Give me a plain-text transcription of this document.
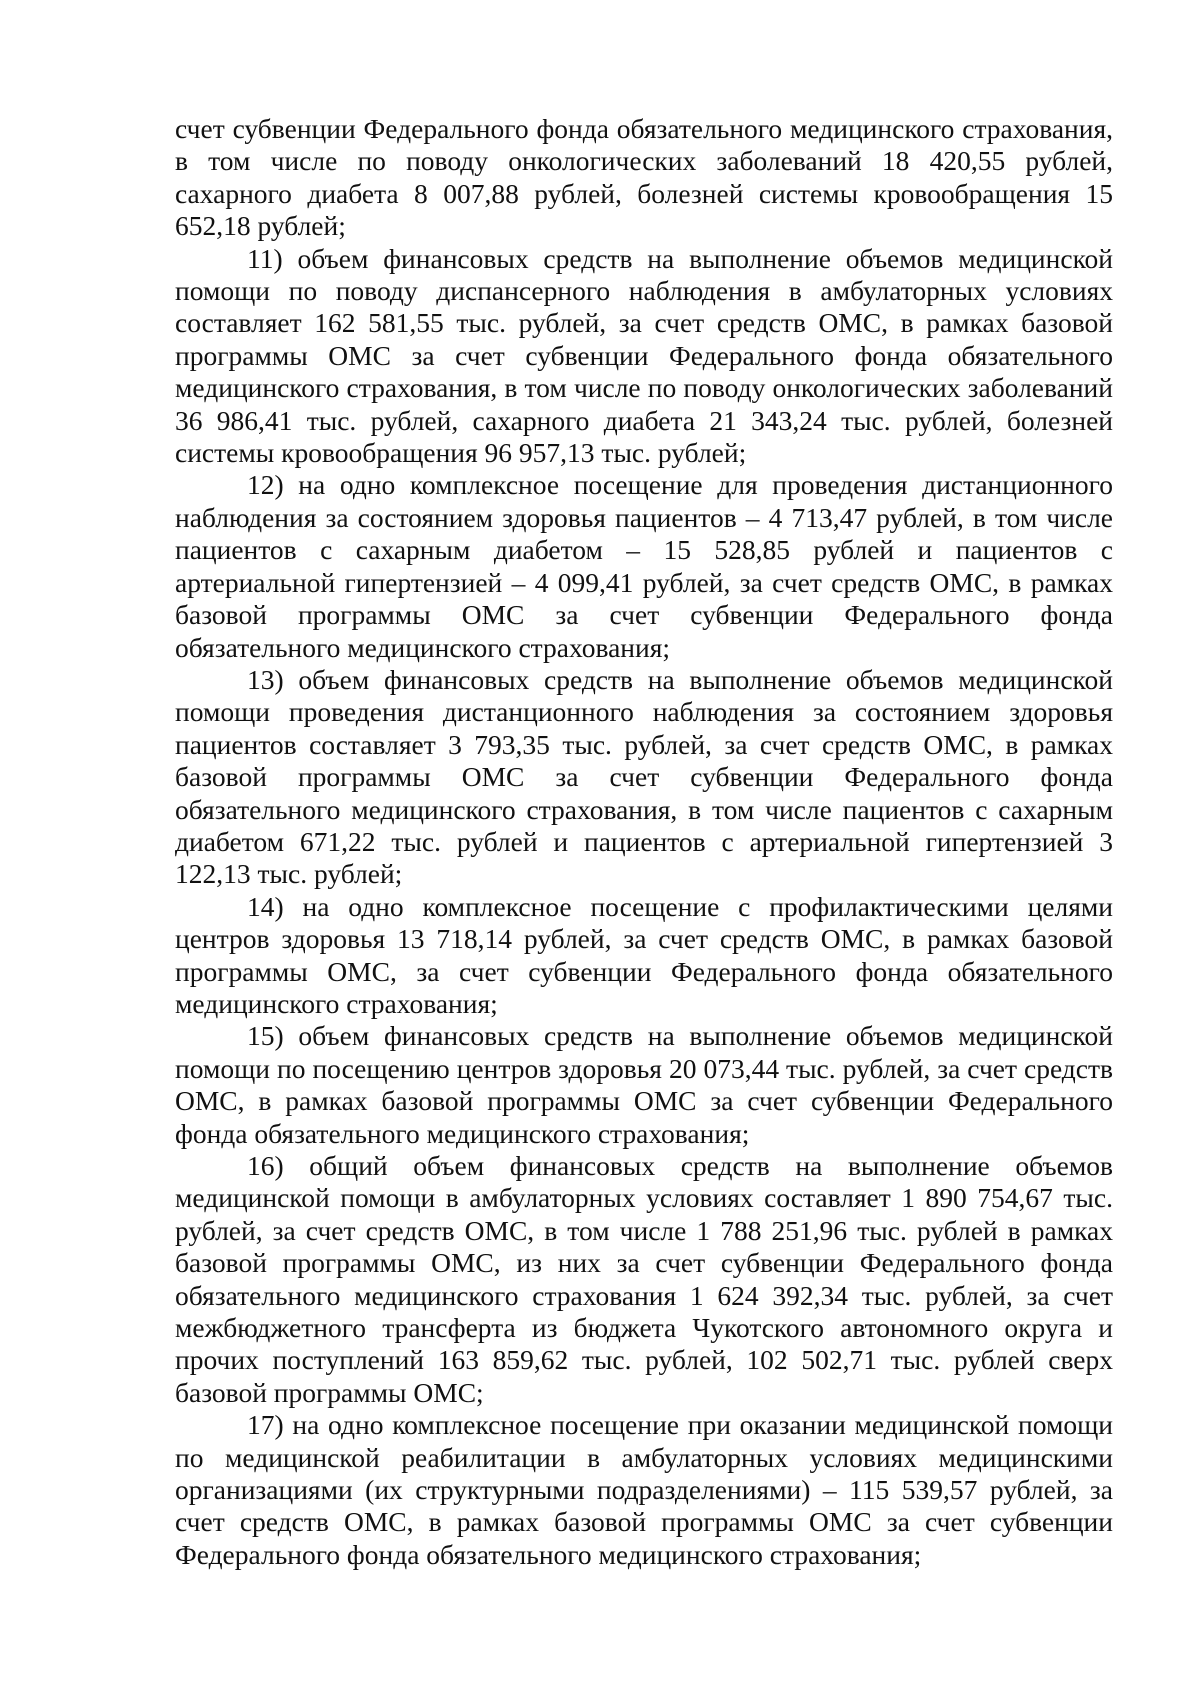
счет субвенции Федерального фонда обязательного медицинского страхования, в том числе по поводу онкологических заболеваний 18 420,55 рублей, сахарного диабета 8 007,88 рублей, болезней системы кровообращения 15 652,18 рублей;

11) объем финансовых средств на выполнение объемов медицинской помощи по поводу диспансерного наблюдения в амбулаторных условиях составляет 162 581,55 тыс. рублей, за счет средств ОМС, в рамках базовой программы ОМС за счет субвенции Федерального фонда обязательного медицинского страхования, в том числе по поводу онкологических заболеваний 36 986,41 тыс. рублей, сахарного диабета 21 343,24 тыс. рублей, болезней системы кровообращения 96 957,13 тыс. рублей;

12) на одно комплексное посещение для проведения дистанционного наблюдения за состоянием здоровья пациентов – 4 713,47 рублей, в том числе пациентов с сахарным диабетом – 15 528,85 рублей и пациентов с артериальной гипертензией – 4 099,41 рублей, за счет средств ОМС, в рамках базовой программы ОМС за счет субвенции Федерального фонда обязательного медицинского страхования;

13) объем финансовых средств на выполнение объемов медицинской помощи проведения дистанционного наблюдения за состоянием здоровья пациентов составляет 3 793,35 тыс. рублей, за счет средств ОМС, в рамках базовой программы ОМС за счет субвенции Федерального фонда обязательного медицинского страхования, в том числе пациентов с сахарным диабетом 671,22 тыс. рублей и пациентов с артериальной гипертензией 3 122,13 тыс. рублей;

14) на одно комплексное посещение с профилактическими целями центров здоровья 13 718,14 рублей, за счет средств ОМС, в рамках базовой программы ОМС, за счет субвенции Федерального фонда обязательного медицинского страхования;

15) объем финансовых средств на выполнение объемов медицинской помощи по посещению центров здоровья 20 073,44 тыс. рублей, за счет средств ОМС, в рамках базовой программы ОМС за счет субвенции Федерального фонда обязательного медицинского страхования;

16) общий объем финансовых средств на выполнение объемов медицинской помощи в амбулаторных условиях составляет 1 890 754,67 тыс. рублей, за счет средств ОМС, в том числе 1 788 251,96 тыс. рублей в рамках базовой программы ОМС, из них за счет субвенции Федерального фонда обязательного медицинского страхования 1 624 392,34 тыс. рублей, за счет межбюджетного трансферта из бюджета Чукотского автономного округа и прочих поступлений 163 859,62 тыс. рублей, 102 502,71 тыс. рублей сверх базовой программы ОМС;

17) на одно комплексное посещение при оказании медицинской помощи по медицинской реабилитации в амбулаторных условиях медицинскими организациями (их структурными подразделениями) – 115 539,57 рублей, за счет средств ОМС, в рамках базовой программы ОМС за счет субвенции Федерального фонда обязательного медицинского страхования;
